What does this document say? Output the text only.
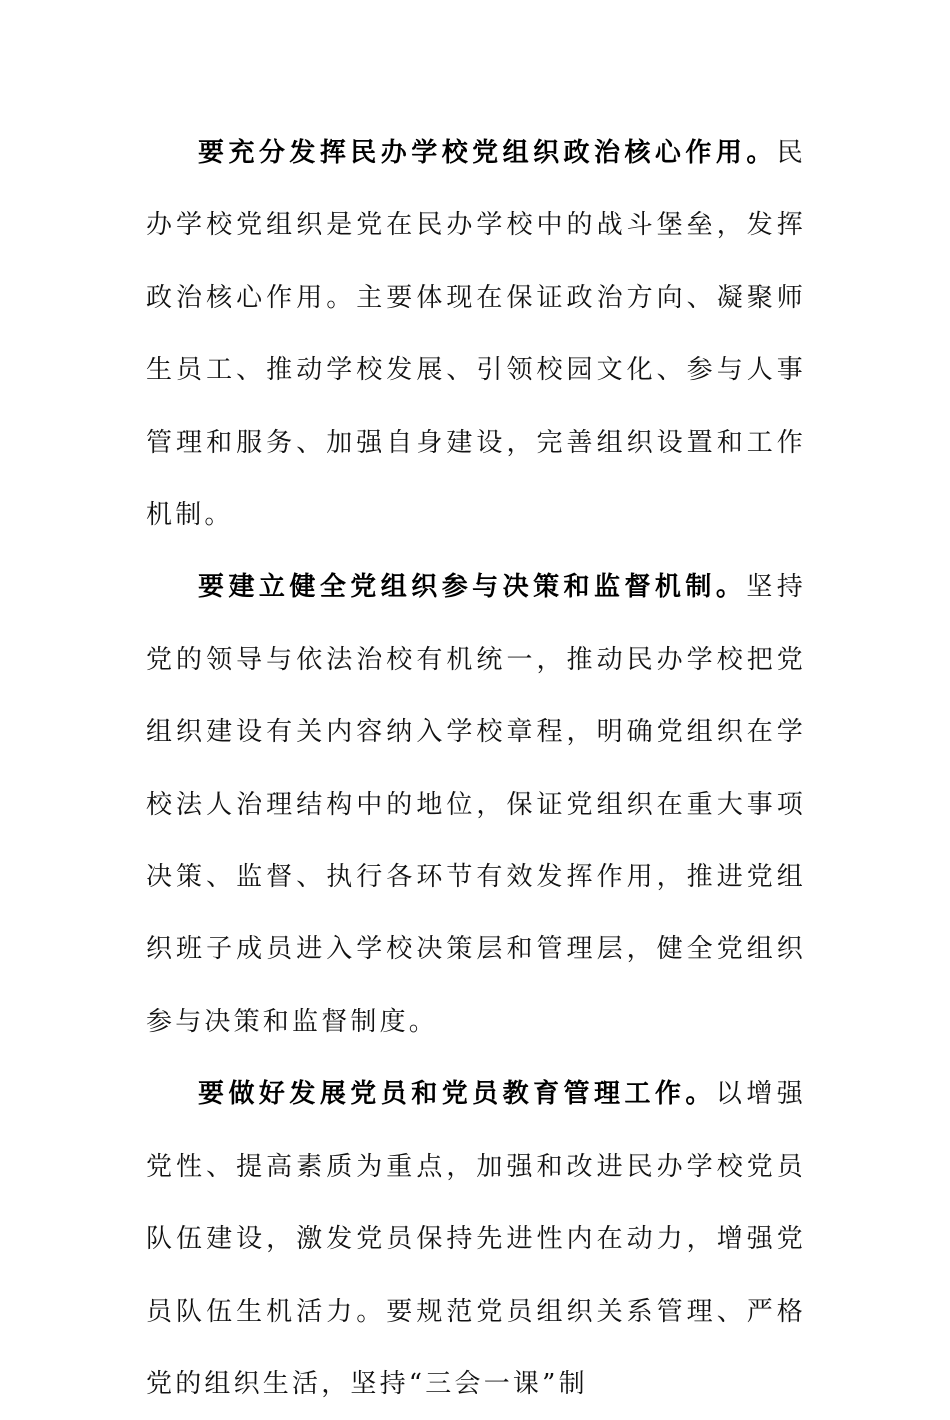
要充分发挥民办学校党组织政治核心作用。民办学校党组织是党在民办学校中的战斗堡垒，发挥政治核心作用。主要体现在保证政治方向、凝聚师生员工、推动学校发展、引领校园文化、参与人事管理和服务、加强自身建设，完善组织设置和工作机制。

要建立健全党组织参与决策和监督机制。坚持党的领导与依法治校有机统一，推动民办学校把党组织建设有关内容纳入学校章程，明确党组织在学校法人治理结构中的地位，保证党组织在重大事项决策、监督、执行各环节有效发挥作用，推进党组织班子成员进入学校决策层和管理层，健全党组织参与决策和监督制度。

要做好发展党员和党员教育管理工作。以增强党性、提高素质为重点，加强和改进民办学校党员队伍建设，激发党员保持先进性内在动力，增强党员队伍生机活力。要规范党员组织关系管理、严格党的组织生活，坚持“三会一课”制
